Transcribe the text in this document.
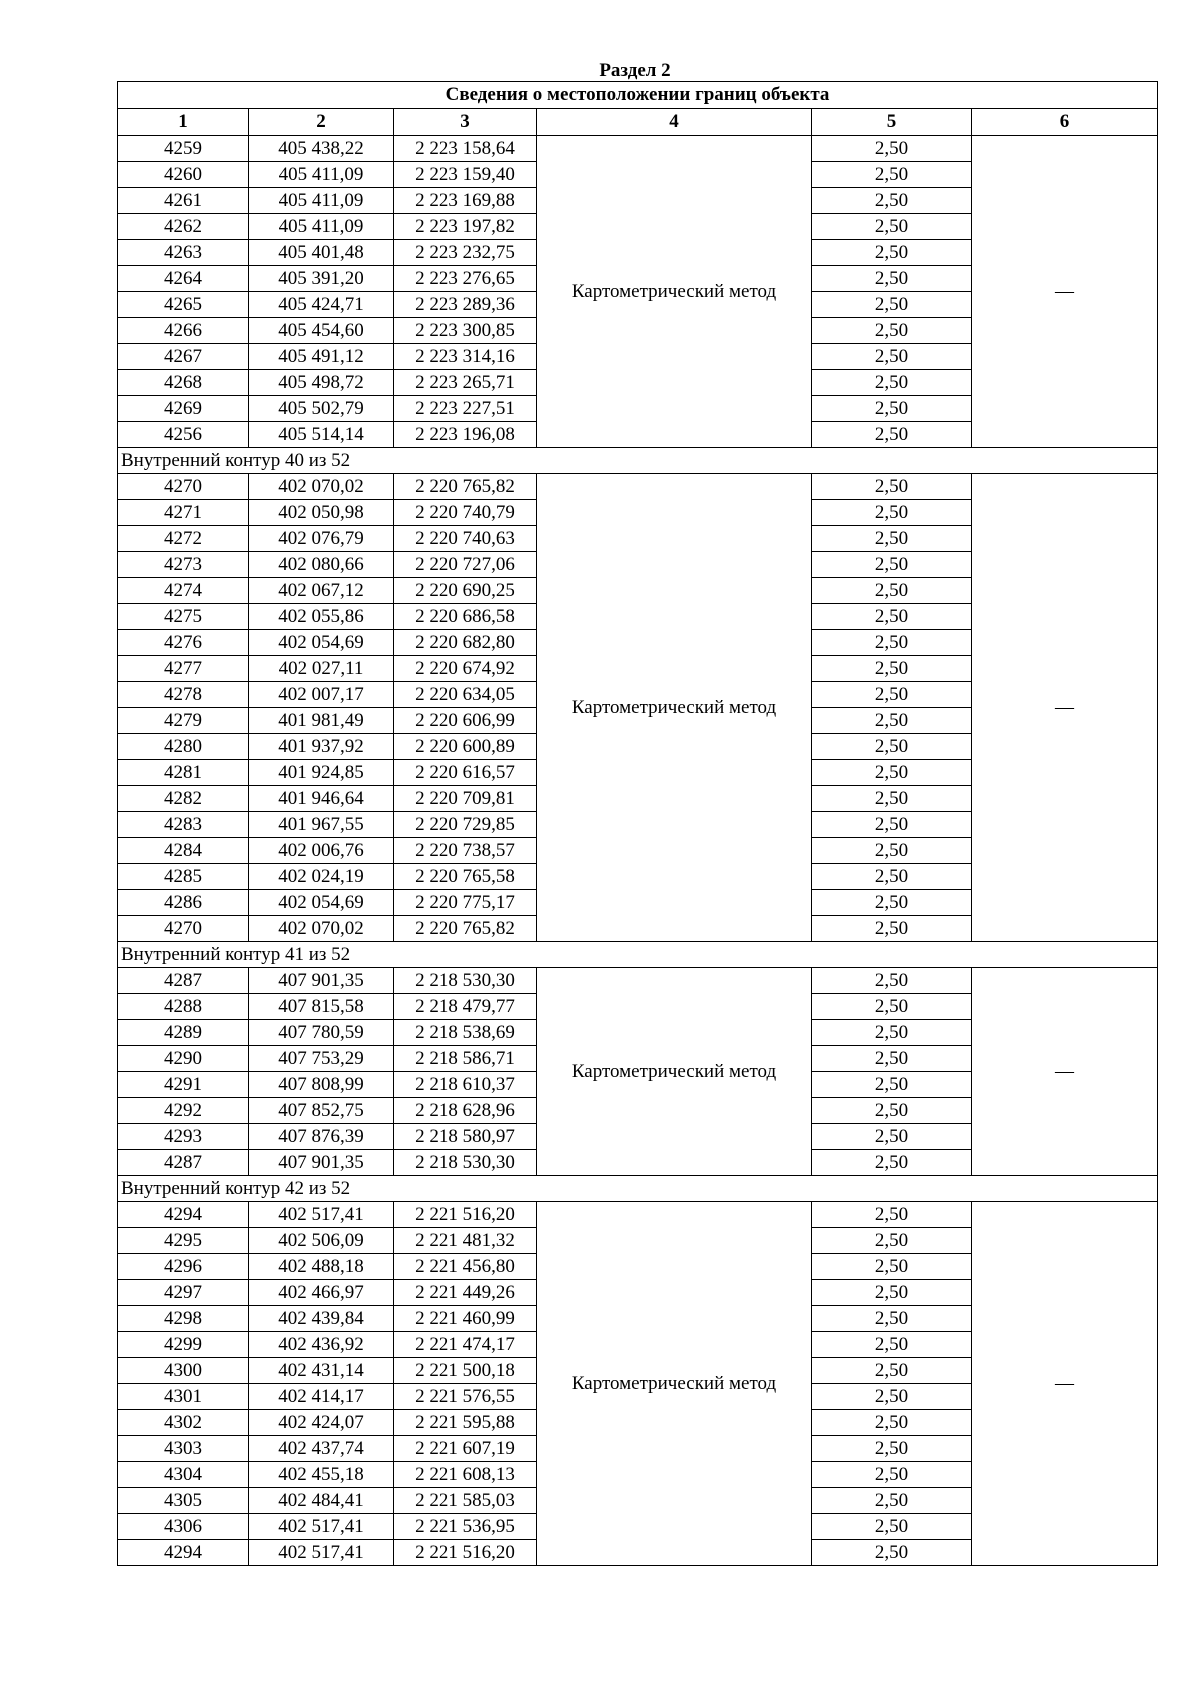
Раздел 2
Сведения о местоположении границ объекта					
1	2	3	4	5	6
4259	405 438,22	2 223 158,64	Картометрический метод	2,50	—
4260	405 411,09	2 223 159,40		2,50	
4261	405 411,09	2 223 169,88		2,50	
4262	405 411,09	2 223 197,82		2,50	
4263	405 401,48	2 223 232,75		2,50	
4264	405 391,20	2 223 276,65		2,50	
4265	405 424,71	2 223 289,36		2,50	
4266	405 454,60	2 223 300,85		2,50	
4267	405 491,12	2 223 314,16		2,50	
4268	405 498,72	2 223 265,71		2,50	
4269	405 502,79	2 223 227,51		2,50	
4256	405 514,14	2 223 196,08		2,50	
Внутренний контур 40 из 52					
4270	402 070,02	2 220 765,82	Картометрический метод	2,50	—
4271	402 050,98	2 220 740,79		2,50	
4272	402 076,79	2 220 740,63		2,50	
4273	402 080,66	2 220 727,06		2,50	
4274	402 067,12	2 220 690,25		2,50	
4275	402 055,86	2 220 686,58		2,50	
4276	402 054,69	2 220 682,80		2,50	
4277	402 027,11	2 220 674,92		2,50	
4278	402 007,17	2 220 634,05		2,50	
4279	401 981,49	2 220 606,99		2,50	
4280	401 937,92	2 220 600,89		2,50	
4281	401 924,85	2 220 616,57		2,50	
4282	401 946,64	2 220 709,81		2,50	
4283	401 967,55	2 220 729,85		2,50	
4284	402 006,76	2 220 738,57		2,50	
4285	402 024,19	2 220 765,58		2,50	
4286	402 054,69	2 220 775,17		2,50	
4270	402 070,02	2 220 765,82		2,50	
Внутренний контур 41 из 52					
4287	407 901,35	2 218 530,30	Картометрический метод	2,50	—
4288	407 815,58	2 218 479,77		2,50	
4289	407 780,59	2 218 538,69		2,50	
4290	407 753,29	2 218 586,71		2,50	
4291	407 808,99	2 218 610,37		2,50	
4292	407 852,75	2 218 628,96		2,50	
4293	407 876,39	2 218 580,97		2,50	
4287	407 901,35	2 218 530,30		2,50	
Внутренний контур 42 из 52					
4294	402 517,41	2 221 516,20	Картометрический метод	2,50	—
4295	402 506,09	2 221 481,32		2,50	
4296	402 488,18	2 221 456,80		2,50	
4297	402 466,97	2 221 449,26		2,50	
4298	402 439,84	2 221 460,99		2,50	
4299	402 436,92	2 221 474,17		2,50	
4300	402 431,14	2 221 500,18		2,50	
4301	402 414,17	2 221 576,55		2,50	
4302	402 424,07	2 221 595,88		2,50	
4303	402 437,74	2 221 607,19		2,50	
4304	402 455,18	2 221 608,13		2,50	
4305	402 484,41	2 221 585,03		2,50	
4306	402 517,41	2 221 536,95		2,50	
4294	402 517,41	2 221 516,20		2,50	
